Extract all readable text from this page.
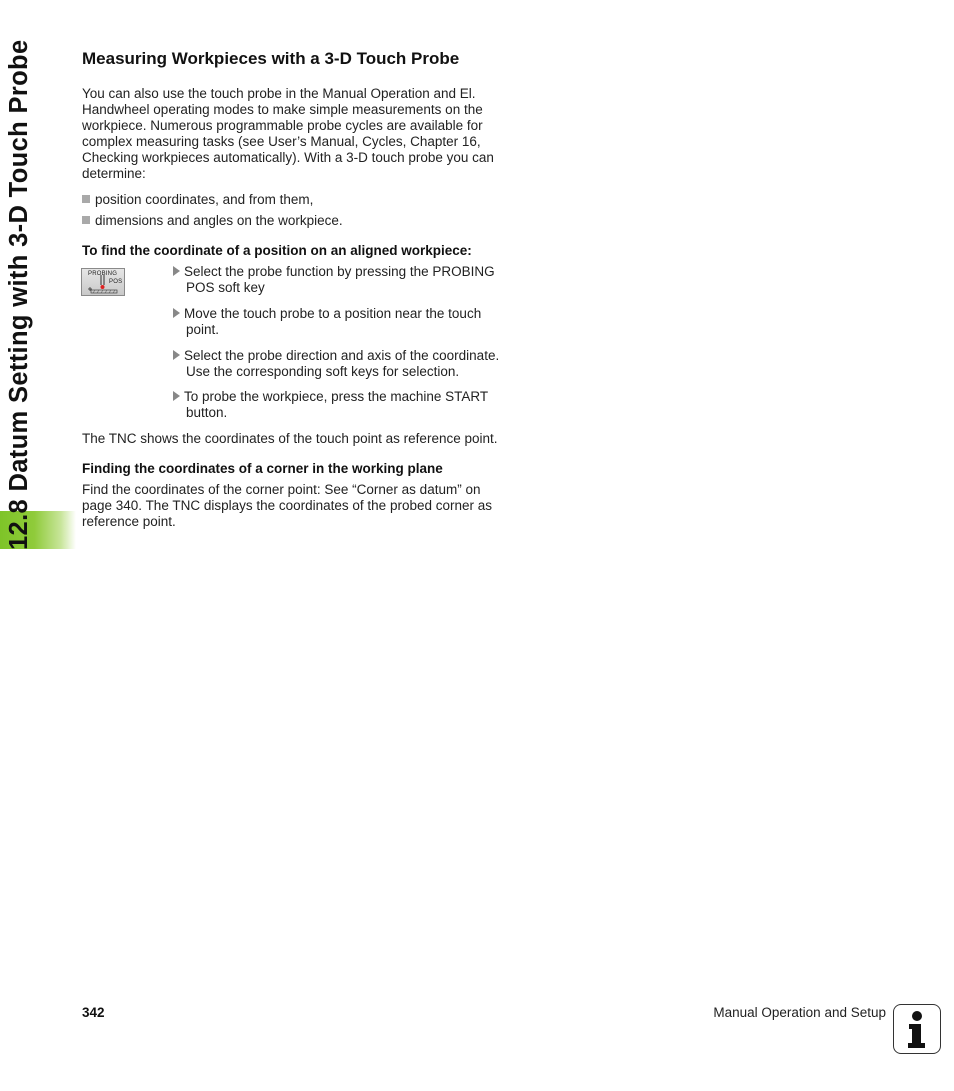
12.8 Datum Setting with 3-D Touch Probe	Measuring Workpieces with a 3-D Touch Probe

You can also use the touch probe in the Manual Operation and El.

Handwheel operating modes to make simple measurements on the

workpiece. Numerous programmable probe cycles are available for

complex measuring tasks (see User’s Manual, Cycles, Chapter 16,

Checking workpieces automatically). With a 3-D touch probe you can

determine:

position coordinates, and from them,
dimensions and angles on the workpiece.
To find the coordinate of a position on an aligned workpiece:
PROBING
POS
Select the probe function by pressing the PROBING
POS soft key
Move the touch probe to a position near the touch
point.
Select the probe direction and axis of the coordinate.
Use the corresponding soft keys for selection.
To probe the workpiece, press the machine START
button.

The TNC shows the coordinates of the touch point as reference point.

Finding the coordinates of a corner in the working plane

Find the coordinates of the corner point: See “Corner as datum” on

page 340. The TNC displays the coordinates of the probed corner as

reference point.

342	Manual Operation and Setup
